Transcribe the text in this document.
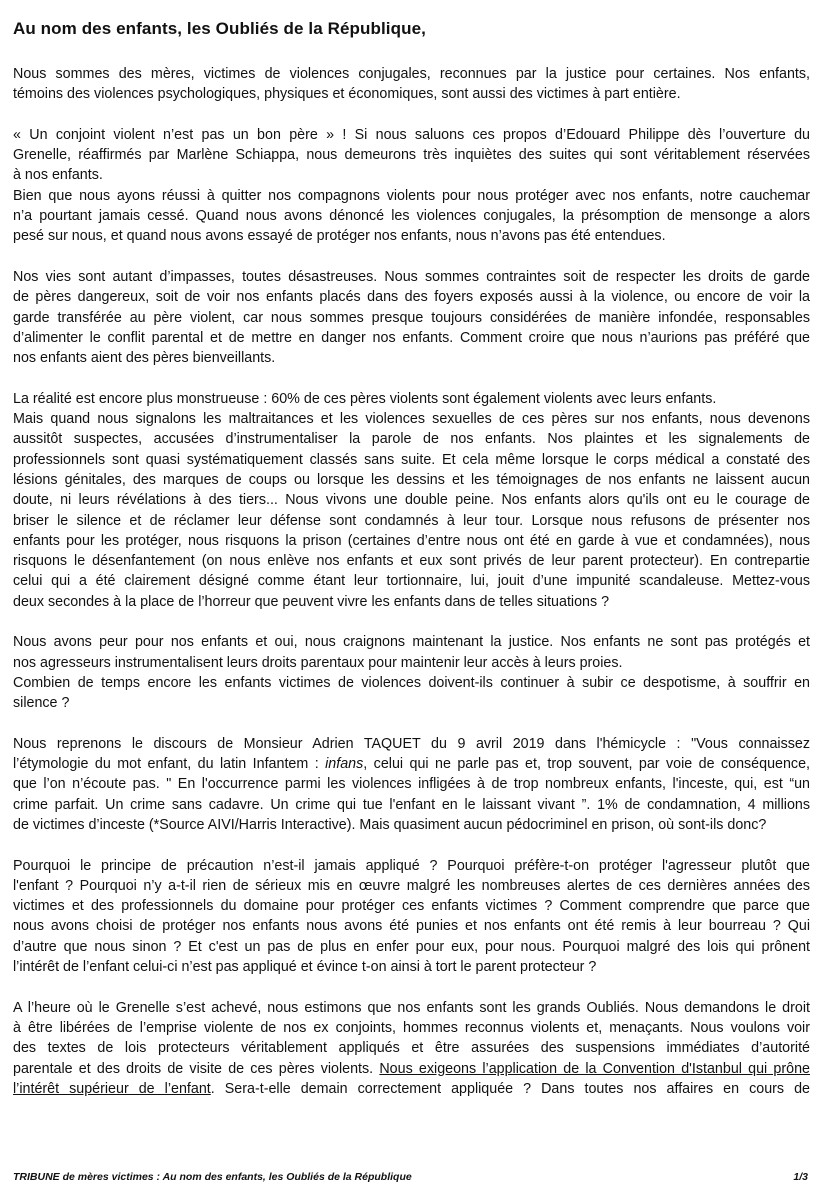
Au nom des enfants, les Oubliés de la République,

Nous sommes des mères, victimes de violences conjugales, reconnues par la justice pour certaines. Nos enfants,
témoins des violences psychologiques, physiques et économiques, sont aussi des victimes à part entière.

« Un conjoint violent n’est pas un bon père » ! Si nous saluons ces propos d’Edouard Philippe dès l’ouverture du
Grenelle, réaffirmés par Marlène Schiappa, nous demeurons très inquiètes des suites qui sont véritablement réservées
à nos enfants.

Bien que nous ayons réussi à quitter nos compagnons violents pour nous protéger avec nos enfants, notre cauchemar
n’a pourtant jamais cessé. Quand nous avons dénoncé les violences conjugales, la présomption de mensonge a alors
pesé sur nous, et quand nous avons essayé de protéger nos enfants, nous n’avons pas été entendues.

Nos vies sont autant d’impasses, toutes désastreuses. Nous sommes contraintes soit de respecter les droits de garde
de pères dangereux, soit de voir nos enfants placés dans des foyers exposés aussi à la violence, ou encore de voir la
garde transférée au père violent, car nous sommes presque toujours considérées de manière infondée, responsables
d’alimenter le conflit parental et de mettre en danger nos enfants. Comment croire que nous n’aurions pas préféré que
nos enfants aient des pères bienveillants.

La réalité est encore plus monstrueuse : 60% de ces pères violents sont également violents avec leurs enfants.

Mais quand nous signalons les maltraitances et les violences sexuelles de ces pères sur nos enfants, nous devenons
aussitôt suspectes, accusées d’instrumentaliser la parole de nos enfants. Nos plaintes et les signalements de
professionnels sont quasi systématiquement classés sans suite. Et cela même lorsque le corps médical a constaté des
lésions génitales, des marques de coups ou lorsque les dessins et les témoignages de nos enfants ne laissent aucun
doute, ni leurs révélations à des tiers... Nous vivons une double peine. Nos enfants alors qu'ils ont eu le courage de
briser le silence et de réclamer leur défense sont condamnés à leur tour. Lorsque nous refusons de présenter nos
enfants pour les protéger, nous risquons la prison (certaines d’entre nous ont été en garde à vue et condamnées), nous
risquons le désenfantement (on nous enlève nos enfants et eux sont privés de leur parent protecteur). En contrepartie
celui qui a été clairement désigné comme étant leur tortionnaire, lui, jouit d’une impunité scandaleuse. Mettez-vous
deux secondes à la place de l’horreur que peuvent vivre les enfants dans de telles situations ?

Nous avons peur pour nos enfants et oui, nous craignons maintenant la justice. Nos enfants ne sont pas protégés et
nos agresseurs instrumentalisent leurs droits parentaux pour maintenir leur accès à leurs proies.

Combien de temps encore les enfants victimes de violences doivent-ils continuer à subir ce despotisme, à souffrir en
silence ?

Nous reprenons le discours de Monsieur Adrien TAQUET du 9 avril 2019 dans l'hémicycle : "Vous connaissez
l’étymologie du mot enfant, du latin Infantem : infans, celui qui ne parle pas et, trop souvent, par voie de conséquence,
que l’on n’écoute pas. " En l'occurrence parmi les violences infligées à de trop nombreux enfants, l'inceste, qui, est “un
crime parfait. Un crime sans cadavre. Un crime qui tue l'enfant en le laissant vivant ”. 1% de condamnation, 4 millions
de victimes d’inceste (*Source AIVI/Harris Interactive). Mais quasiment aucun pédocriminel en prison, où sont-ils donc?

Pourquoi le principe de précaution n’est-il jamais appliqué ? Pourquoi préfère-t-on protéger l'agresseur plutôt que
l'enfant ? Pourquoi n’y a-t-il rien de sérieux mis en œuvre malgré les nombreuses alertes de ces dernières années des
victimes et des professionnels du domaine pour protéger ces enfants victimes ? Comment comprendre que parce que
nous avons choisi de protéger nos enfants nous avons été punies et nos enfants ont été remis à leur bourreau ? Qui
d’autre que nous sinon ? Et c'est un pas de plus en enfer pour eux, pour nous. Pourquoi malgré des lois qui prônent
l’intérêt de l’enfant celui-ci n’est pas appliqué et évince t-on ainsi à tort le parent protecteur ?

A l’heure où le Grenelle s’est achevé, nous estimons que nos enfants sont les grands Oubliés. Nous demandons le droit
à être libérées de l’emprise violente de nos ex conjoints, hommes reconnus violents et, menaçants. Nous voulons voir
des textes de lois protecteurs véritablement appliqués et être assurées des suspensions immédiates d’autorité
parentale et des droits de visite de ces pères violents. Nous exigeons l’application de la Convention d'Istanbul qui prône
l’intérêt supérieur de l’enfant. Sera-t-elle demain correctement appliquée ? Dans toutes nos affaires en cours de

TRIBUNE de mères victimes : Au nom des enfants, les Oubliés de la République	1/3
